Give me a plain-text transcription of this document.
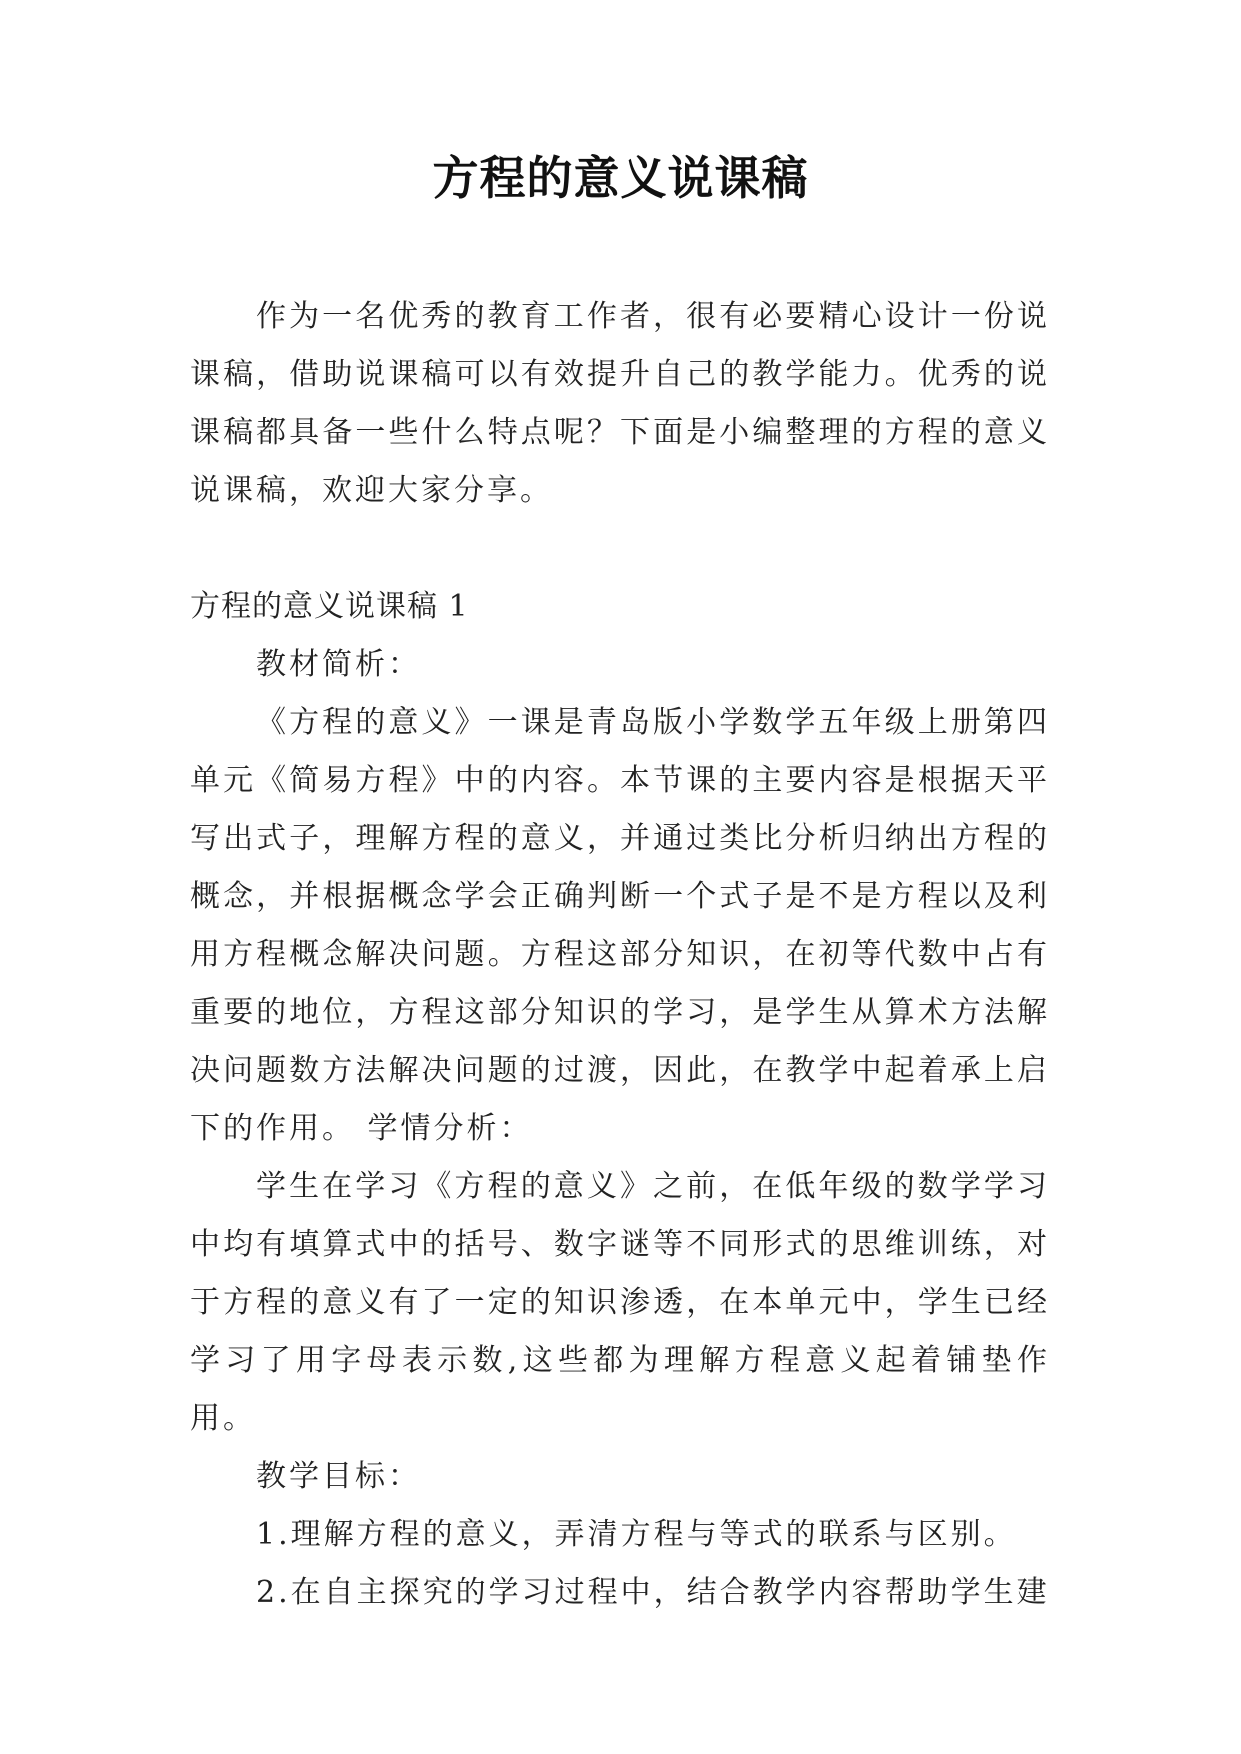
方程的意义说课稿

作为一名优秀的教育工作者，很有必要精心设计一份说课稿，借助说课稿可以有效提升自己的教学能力。优秀的说课稿都具备一些什么特点呢？下面是小编整理的方程的意义说课稿，欢迎大家分享。

方程的意义说课稿 1

教材简析：

《方程的意义》一课是青岛版小学数学五年级上册第四单元《简易方程》中的内容。本节课的主要内容是根据天平写出式子，理解方程的意义，并通过类比分析归纳出方程的概念，并根据概念学会正确判断一个式子是不是方程以及利用方程概念解决问题。方程这部分知识，在初等代数中占有重要的地位，方程这部分知识的学习，是学生从算术方法解决问题数方法解决问题的过渡，因此，在教学中起着承上启下的作用。 学情分析：

学生在学习《方程的意义》之前，在低年级的数学学习中均有填算式中的括号、数字谜等不同形式的思维训练，对于方程的意义有了一定的知识渗透，在本单元中，学生已经学习了用字母表示数,这些都为理解方程意义起着铺垫作用。

教学目标：

1.理解方程的意义，弄清方程与等式的联系与区别。

2.在自主探究的学习过程中，结合教学内容帮助学生建
